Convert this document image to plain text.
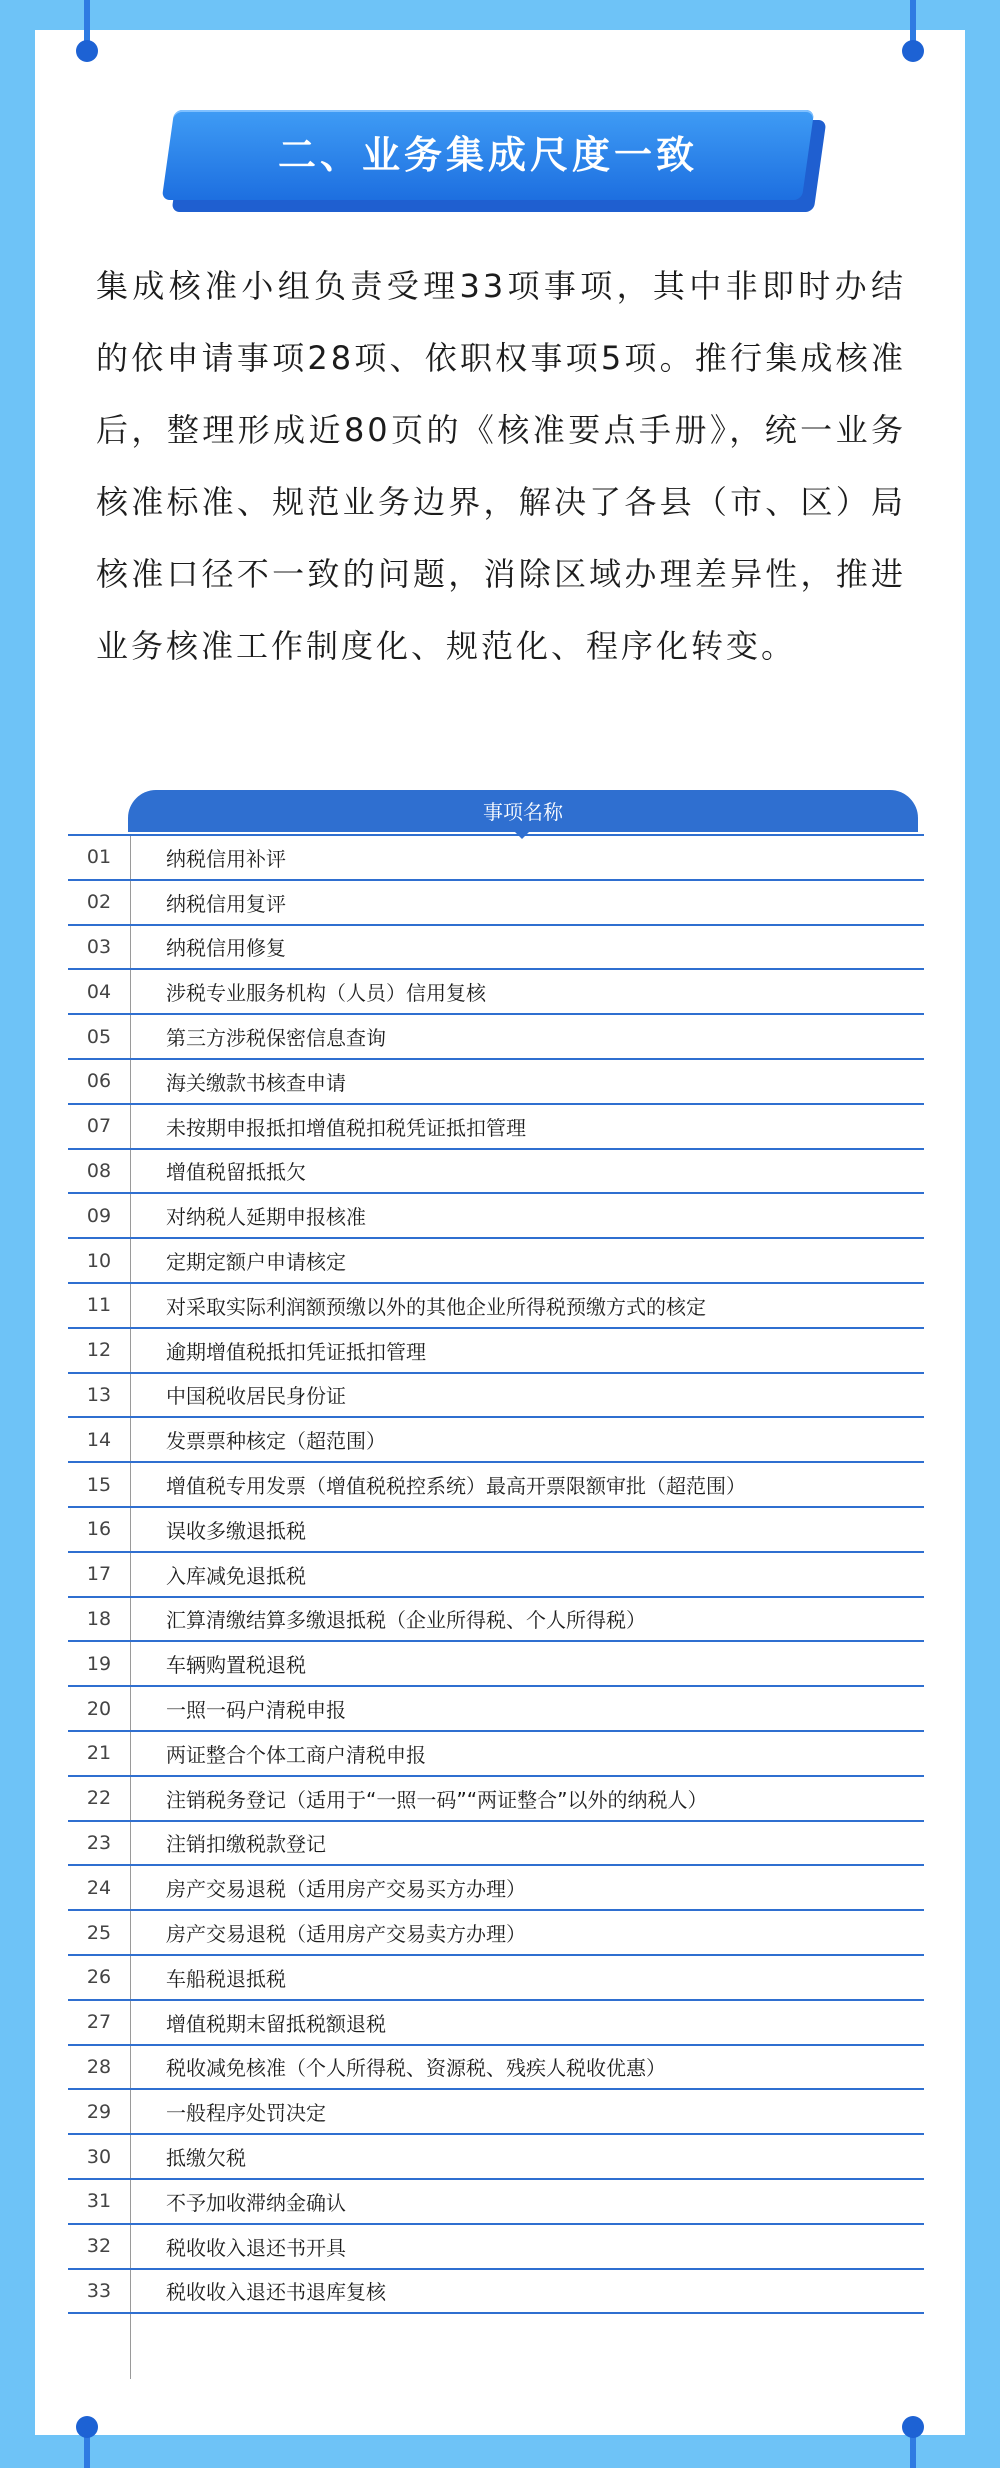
二、业务集成尺度一致

集成核准小组负责受理33项事项，其中非即时办结的依申请事项28项、依职权事项5项。推行集成核准后，整理形成近80页的《核准要点手册》，统一业务核准标准、规范业务边界，解决了各县（市、区）局核准口径不一致的问题，消除区域办理差异性，推进业务核准工作制度化、规范化、程序化转变。

事项名称
01	纳税信用补评
02	纳税信用复评
03	纳税信用修复
04	涉税专业服务机构（人员）信用复核
05	第三方涉税保密信息查询
06	海关缴款书核查申请
07	未按期申报抵扣增值税扣税凭证抵扣管理
08	增值税留抵抵欠
09	对纳税人延期申报核准
10	定期定额户申请核定
11	对采取实际利润额预缴以外的其他企业所得税预缴方式的核定
12	逾期增值税抵扣凭证抵扣管理
13	中国税收居民身份证
14	发票票种核定（超范围）
15	增值税专用发票（增值税税控系统）最高开票限额审批（超范围）
16	误收多缴退抵税
17	入库减免退抵税
18	汇算清缴结算多缴退抵税（企业所得税、个人所得税）
19	车辆购置税退税
20	一照一码户清税申报
21	两证整合个体工商户清税申报
22	注销税务登记（适用于“一照一码”“两证整合”以外的纳税人）
23	注销扣缴税款登记
24	房产交易退税（适用房产交易买方办理）
25	房产交易退税（适用房产交易卖方办理）
26	车船税退抵税
27	增值税期末留抵税额退税
28	税收减免核准（个人所得税、资源税、残疾人税收优惠）
29	一般程序处罚决定
30	抵缴欠税
31	不予加收滞纳金确认
32	税收收入退还书开具
33	税收收入退还书退库复核
